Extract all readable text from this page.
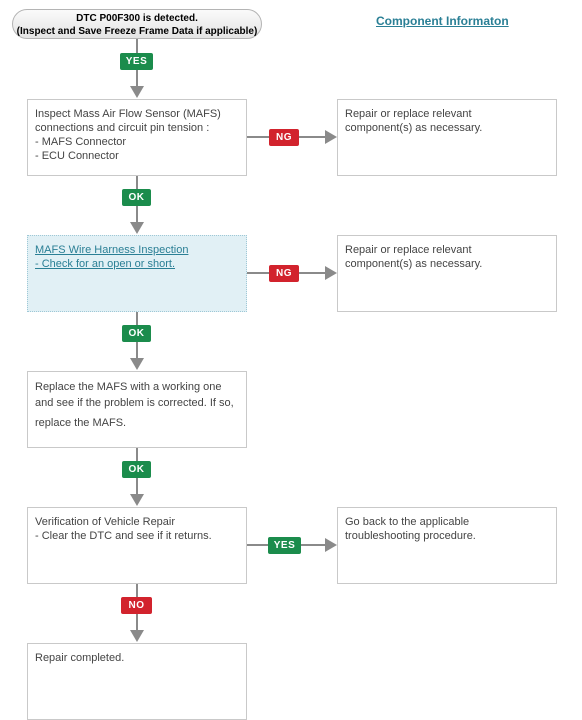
DTC P00F300 is detected.
(Inspect and Save Freeze Frame Data if applicable)
Component Informaton
YES
Inspect Mass Air Flow Sensor (MAFS)
connections and circuit pin tension :
- MAFS Connector
- ECU Connector
NG
Repair or replace relevant
component(s) as necessary.
OK
MAFS Wire Harness Inspection
- Check for an open or short.
NG
Repair or replace relevant
component(s) as necessary.
OK
Replace the MAFS with a working one
and see if the problem is corrected. If so,
replace the MAFS.
OK
Verification of Vehicle Repair
- Clear the DTC and see if it returns.
YES
Go back to the applicable
troubleshooting procedure.
NO
Repair completed.
